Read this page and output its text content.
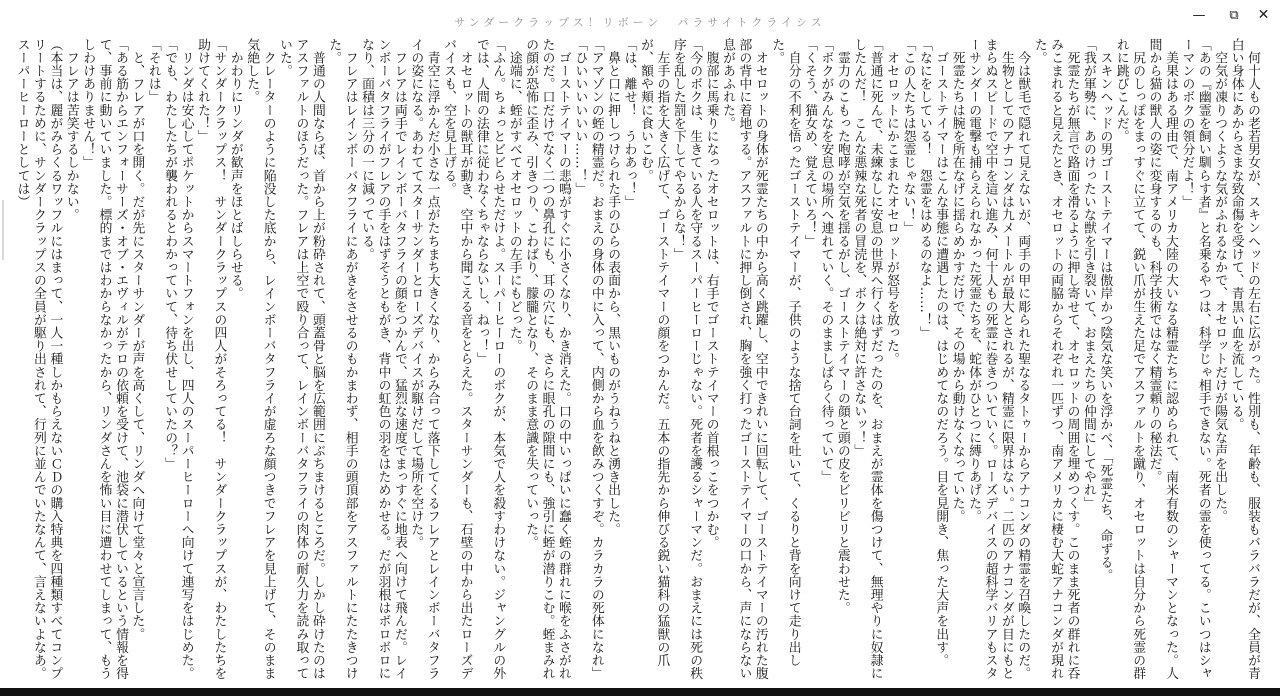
サンダークラップス！リボーン　パラサイトクライシス	— ⧉ ✕

　何十人もの老若男女が、スキンヘッドの左右に広がった。性別も、年齢も、服装もバラバラだが、全員が青白い身体にあからさまな致命傷を受けて、青黒い血を流している。

　空気が凍りつくような気がふれるなかで、オセロットだけが陽気な声を出した。

「あの『幽霊を飼い馴らす者』と名乗るやつは、科学じゃ相手できない。死者の霊を使ってる。こいつはシャーマンのボクの領分だよ！」

　美果はある理由で、南アメリカ大陸の大いなる精霊たちに認められて、南米有数のシャーマンとなった。人間から猫の獣人の姿に変身するのも、科学技術ではなく精霊頼りの秘法だ。

　尻のしっぽをまっすぐに立てて、鋭い爪が生えた足でアスファルトを蹴り、オセロットは自分から死霊の群れに跳びこんだ。

　スキンヘッドの男ゴーストテイマーは傲岸かつ陰気な笑いを浮かべ、「死霊たち、命ずる。

「我が軍勢に、あのけったいな獣を引き裂いて、おまえたちの仲間にしてやれ」

　死霊たちが無言で路面を滑るように押し寄せて、オセロットの周囲を埋めつくす。このまま死者の群れに呑みこまれると見えたとき、オセロットの両脇からそれぞれ一匹ずつ、南アメリカに棲む大蛇アナコンダが現れた。

　今は獣毛で隠れて見えないが、両手の甲に彫られた聖なるタトゥーからアナコンダの精霊を召喚したのだ。

　生物としてのアナコンダは九メートルが最大とされるが、精霊に限界はない。二匹のアナコンダが目にもとまらぬスピードで空中を這い進み、何十人もの死霊に巻きついていく。ローズデバイスの超科学バリアもスターサンダーの電撃も捕らえられなかった死霊たちを、蛇体がひとつに縛りあげた。

　死霊たちは腕を所在なげに揺らめかすだけで、その場から動けなくなっていた。

　ゴーストテイマーはこんな事態に遭遇したのは、はじめてなのだろう。目を見開き、焦った大声を出す。

「なにをしている！　怨霊をはめるのなよ……！」

「この人たちは怨霊じゃない！」

　オセロットにかこまれたオセロットが怒号を放った。

「普通に死んで、未練なしに安息の世界へ行くはずだったのを、おまえが霊体を傷つけて、無理やりに奴隷にしたんだ！　こんな悪辣な死者の冒涜を、ボクは絶対に許さないッ！」

　霊力のこもった咆哮が空気を揺るがし、ゴーストテイマーの顔と頭の皮をビリビリと震わせた。

「ボクがみんなを安息の場所へ連れていく。そのまましばらく待っていて」

「くそう、猫女め、覚えていろ！」

　自分の不利を悟ったゴーストテイマーが、子供のような捨て台詞を吐いて、くるりと背を向けて走り出した。

　オセロットの身体が死霊たちの中から高く跳躍し、空中できれいに回転して、ゴーストテイマーの汚れた腹部の背中に着地する。アスファルトに押し倒され、胸を強く打ったゴーストテイマーの口から、声にならない息があふれた。

　腹部に馬乗りになったオセロットは、右手でゴーストテイマーの首根っこをつかむ。

「今のボクは、生きている人を守るスーパーヒーローじゃない。死者を護るシャーマンだ。おまえには死の秩序を乱した罰を下してやるからな！」

　左手の指を大きく広げて、ゴーストテイマーの顔をつかんだ。五本の指先から伸びる鋭い猫科の猛獣の爪が、額や頬に食いこむ。

「は、離せ！　うわあっ！」

　鼻と口に押しつけられた手のひらの表面から、黒いものがうねうねと湧き出した。

「アマゾンの蛭の精霊だ。おまえの身体の中に入って、内側から血を飲みつくすぞ。カラカラの死体になれ」

「ひいいいいいい……！」

　ゴーストテイマーの悲鳴がすぐに小さくなり、かき消えた。口の中いっぱいに蠢く蛭の群れに喉をふさがれたのだ。口だけでなく二つの鼻孔にも、耳の穴にも、さらに眼孔の隙間にも、強引に蛭が潜りこむ。蛭まみれの顔が恐怖に歪み、引きつり、こわばり、朦朧となり、そのまま意識を失っていった。

　途端に、蛭がすべてオセロットの左手にもどった。

「ふん。ちょっとビビらせただけよ。スーパーヒーローのボクが、本気で人を殺すわけない。ジャングルの外では、人間の法律に従わなくちゃならないし、ねっ！」

　オセロットの獣耳が動き、空中から聞こえる音をとらえた。スターサンダーも、石壁の中から出たローズデバイスも、空を見上げる。

　青空に浮かんだ小さな一点がたちまち大きくなり、からみ合って落下してくるフレアとレインボーバタフライの姿になる。あわててスターサンダーとローズデバイスが駆けだして場所を空けた。

　フレアは両手でレインボーバタフライの顔をつかんで、猛烈な速度でまっすぐに地表へ向けて飛んだ。レインボーバタフライがフレアの手をはずそうともがき、背中の虹色の羽をはためかせる。だが羽根はボロボロになり、面積は三分の一に減っている。

　フレアはレインボーバタフライにあがきをさせるのもかまわず、相手の頭頂部をアスファルトにたたきつけた。

　普通の人間ならば、首から上が粉砕されて、頭蓋骨と脳を広範囲にぶちまけるところだ。しかし砕けたのはアスファルトのほうだった。フレアは上空で殴り合って、レインボーバタフライの肉体の耐久力を読み取っていた。

　クレーターのように陥没した底から、レインボーバタフライが虚ろな顔つきでフレアを見上げて、そのまま気絶した。

　かわりにリンダが歓声をほとばしらせる。

「サンダークラップス！　サンダークラップスの四人がそろってる！　サンダークラップスが、わたしたちを助けてくれた！」

　リンダは安心してポケットからスマートフォンを出し、四人のスーパーヒーローへ向けて連写をはじめた。

「でも、わたしたちが襲われるとわかっていて、待ち伏せしていたの？」

「それは」

　と、フレアが口を開く。だが先にスターサンダーが声を高くして、リンダへ向けて堂々と宣言した。

「ある筋からエンフォーサーズ・オブ・エヴィルがテロの依頼を受けて、池袋に潜伏しているという情報を得て、事前に動いていました。標的まではわからなかったから、リンダさんを怖い目に遭わせてしまって、もうしわけありません！」

　フレアは苦笑するしかない。

（本当は、麗がみらくるワッフルにはまって、一人一種しかもらえないＣＤの購入特典を四種類すべてコンプリートするために、サンダークラップスの全員が駆り出されて、行列に並んでいたなんて、言えないよなあ。スーパーヒーローとしては）
